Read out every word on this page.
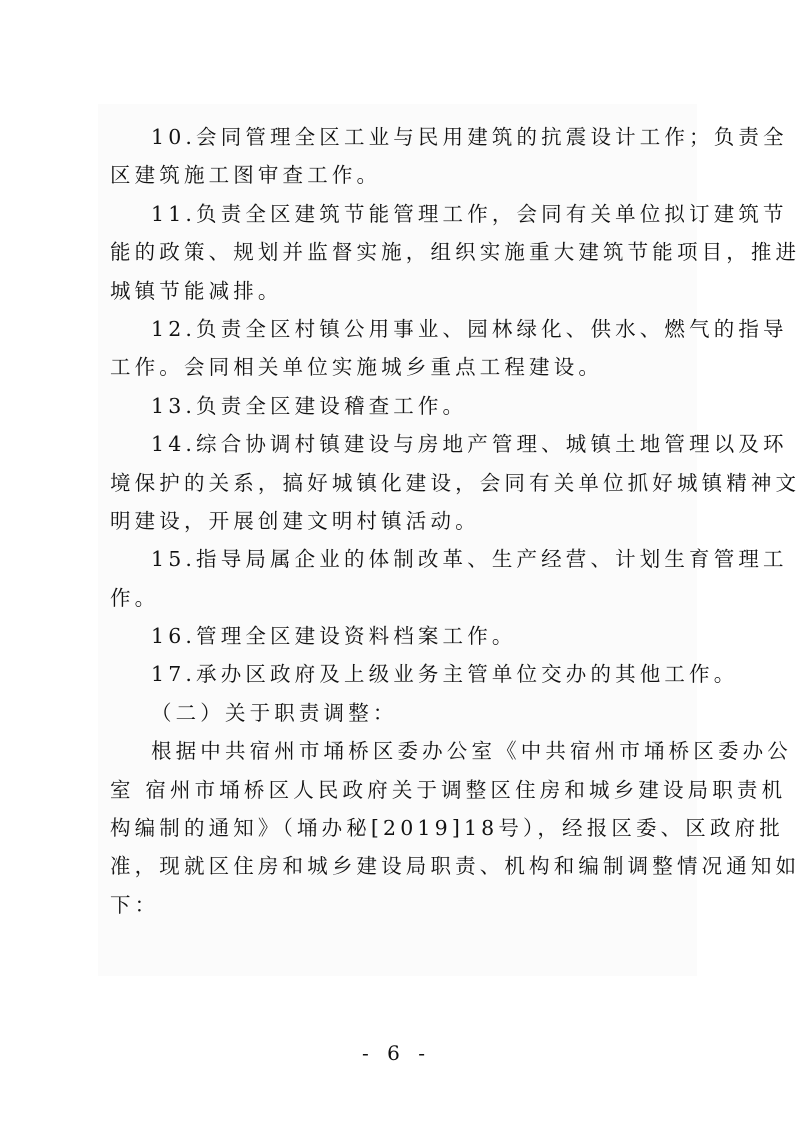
10.会同管理全区工业与民用建筑的抗震设计工作；负责全
区建筑施工图审查工作。
11.负责全区建筑节能管理工作，会同有关单位拟订建筑节
能的政策、规划并监督实施，组织实施重大建筑节能项目，推进
城镇节能减排。
12.负责全区村镇公用事业、园林绿化、供水、燃气的指导
工作。会同相关单位实施城乡重点工程建设。
13.负责全区建设稽查工作。
14.综合协调村镇建设与房地产管理、城镇土地管理以及环
境保护的关系，搞好城镇化建设，会同有关单位抓好城镇精神文
明建设，开展创建文明村镇活动。
15.指导局属企业的体制改革、生产经营、计划生育管理工
作。
16.管理全区建设资料档案工作。
17.承办区政府及上级业务主管单位交办的其他工作。
（二）关于职责调整：
根据中共宿州市埇桥区委办公室《中共宿州市埇桥区委办公
室 宿州市埇桥区人民政府关于调整区住房和城乡建设局职责机
构编制的通知》（埇办秘[2019]18号），经报区委、区政府批
准，现就区住房和城乡建设局职责、机构和编制调整情况通知如
下：
- 6 -
